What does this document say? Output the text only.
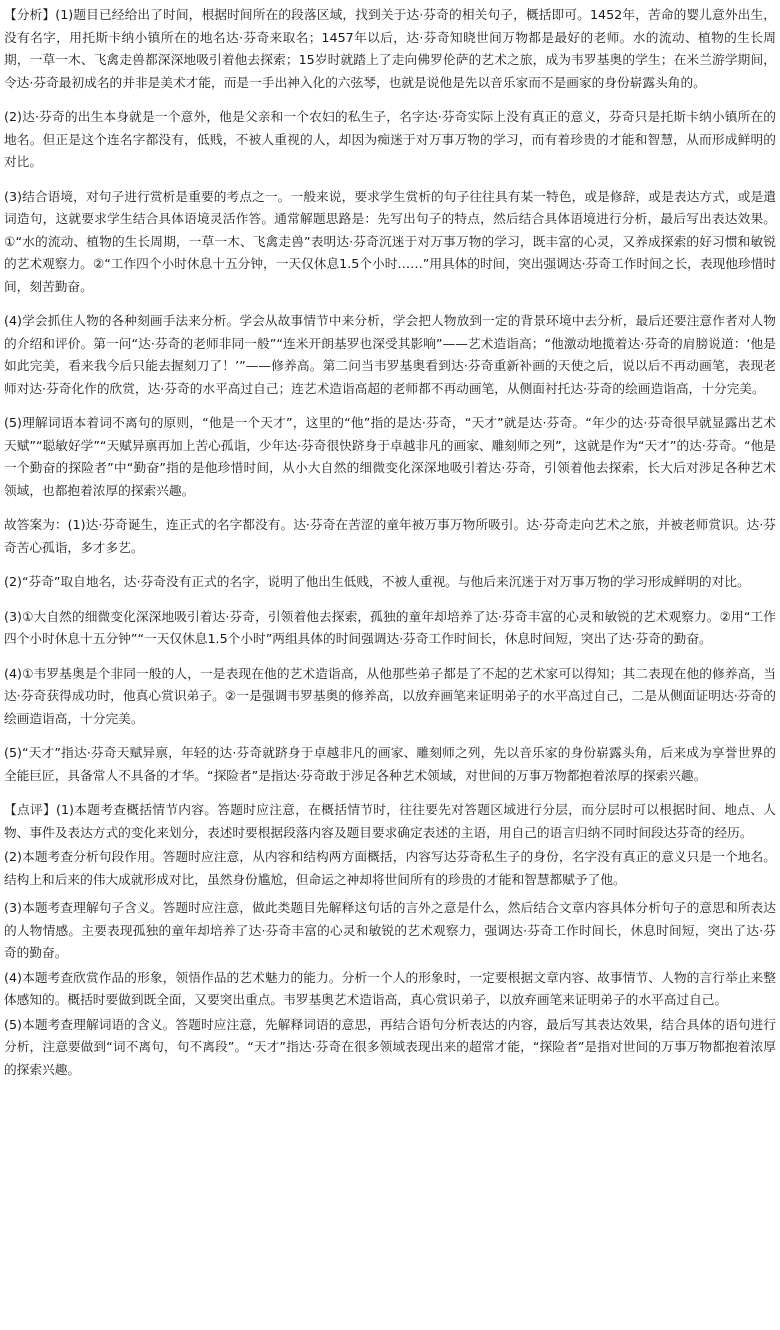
【分析】(1)题目已经给出了时间，根据时间所在的段落区域，找到关于达·芬奇的相关句子，概括即可。1452年，苦命的婴儿意外出生，没有名字，用托斯卡纳小镇所在的地名达·芬奇来取名；1457年以后，达·芬奇知晓世间万物都是最好的老师。水的流动、植物的生长周期，一草一木、飞禽走兽都深深地吸引着他去探索；15岁时就踏上了走向佛罗伦萨的艺术之旅，成为韦罗基奥的学生；在米兰游学期间，令达·芬奇最初成名的并非是美术才能，而是一手出神入化的六弦琴，也就是说他是先以音乐家而不是画家的身份崭露头角的。

(2)达·芬奇的出生本身就是一个意外，他是父亲和一个农妇的私生子，名字达·芬奇实际上没有真正的意义，芬奇只是托斯卡纳小镇所在的地名。但正是这个连名字都没有，低贱，不被人重视的人，却因为痴迷于对万事万物的学习，而有着珍贵的才能和智慧，从而形成鲜明的对比。

(3)结合语境，对句子进行赏析是重要的考点之一。一般来说，要求学生赏析的句子往往具有某一特色，或是修辞，或是表达方式，或是遣词造句，这就要求学生结合具体语境灵活作答。通常解题思路是：先写出句子的特点，然后结合具体语境进行分析，最后写出表达效果。①“水的流动、植物的生长周期，一草一木、飞禽走兽”表明达·芬奇沉迷于对万事万物的学习，既丰富的心灵，又养成探索的好习惯和敏锐的艺术观察力。②“工作四个小时休息十五分钟，一天仅休息1.5个小时……”用具体的时间，突出强调达·芬奇工作时间之长，表现他珍惜时间，刻苦勤奋。

(4)学会抓住人物的各种刻画手法来分析。学会从故事情节中来分析，学会把人物放到一定的背景环境中去分析，最后还要注意作者对人物的介绍和评价。第一问“达·芬奇的老师非同一般”“连米开朗基罗也深受其影响”——艺术造诣高；“他激动地揽着达·芬奇的肩膀说道：‘他是如此完美，看来我今后只能去握刻刀了！’”——修养高。第二问当韦罗基奥看到达·芬奇重新补画的天使之后，说以后不再动画笔，表现老师对达·芬奇化作的欣赏，达·芬奇的水平高过自己；连艺术造诣高超的老师都不再动画笔，从侧面衬托达·芬奇的绘画造诣高，十分完美。

(5)理解词语本着词不离句的原则，“他是一个天才”，这里的“他”指的是达·芬奇，“天才”就是达·芬奇。“年少的达·芬奇很早就显露出艺术天赋”“聪敏好学”“天赋异禀再加上苦心孤诣，少年达·芬奇很快跻身于卓越非凡的画家、雕刻师之列”，这就是作为“天才”的达·芬奇。“他是一个勤奋的探险者”中“勤奋”指的是他珍惜时间，从小大自然的细微变化深深地吸引着达·芬奇，引领着他去探索，长大后对涉足各种艺术领域，也都抱着浓厚的探索兴趣。

故答案为：(1)达·芬奇诞生，连正式的名字都没有。达·芬奇在苦涩的童年被万事万物所吸引。达·芬奇走向艺术之旅，并被老师赏识。达·芬奇苦心孤诣，多才多艺。

(2)“芬奇”取自地名，达·芬奇没有正式的名字，说明了他出生低贱，不被人重视。与他后来沉迷于对万事万物的学习形成鲜明的对比。

(3)①大自然的细微变化深深地吸引着达·芬奇，引领着他去探索，孤独的童年却培养了达·芬奇丰富的心灵和敏锐的艺术观察力。②用“工作四个小时休息十五分钟”“一天仅休息1.5个小时”两组具体的时间强调达·芬奇工作时间长，休息时间短，突出了达·芬奇的勤奋。

(4)①韦罗基奥是个非同一般的人，一是表现在他的艺术造诣高，从他那些弟子都是了不起的艺术家可以得知；其二表现在他的修养高，当达·芬奇获得成功时，他真心赏识弟子。②一是强调韦罗基奥的修养高，以放弃画笔来证明弟子的水平高过自己，二是从侧面证明达·芬奇的绘画造诣高，十分完美。

(5)“天才”指达·芬奇天赋异禀，年轻的达·芬奇就跻身于卓越非凡的画家、雕刻师之列，先以音乐家的身份崭露头角，后来成为享誉世界的全能巨匠，具备常人不具备的才华。“探险者”是指达·芬奇敢于涉足各种艺术领域，对世间的万事万物都抱着浓厚的探索兴趣。

【点评】(1)本题考查概括情节内容。答题时应注意，在概括情节时，往往要先对答题区域进行分层，而分层时可以根据时间、地点、人物、事件及表达方式的变化来划分，表述时要根据段落内容及题目要求确定表述的主语，用自己的语言归纳不同时间段达芬奇的经历。

(2)本题考查分析句段作用。答题时应注意，从内容和结构两方面概括，内容写达芬奇私生子的身份，名字没有真正的意义只是一个地名。结构上和后来的伟大成就形成对比，虽然身份尴尬，但命运之神却将世间所有的珍贵的才能和智慧都赋予了他。

(3)本题考查理解句子含义。答题时应注意，做此类题目先解释这句话的言外之意是什么，然后结合文章内容具体分析句子的意思和所表达的人物情感。主要表现孤独的童年却培养了达·芬奇丰富的心灵和敏锐的艺术观察力，强调达·芬奇工作时间长，休息时间短，突出了达·芬奇的勤奋。

(4)本题考查欣赏作品的形象，领悟作品的艺术魅力的能力。分析一个人的形象时，一定要根据文章内容、故事情节、人物的言行举止来整体感知的。概括时要做到既全面，又要突出重点。韦罗基奥艺术造诣高，真心赏识弟子，以放弃画笔来证明弟子的水平高过自己。

(5)本题考查理解词语的含义。答题时应注意，先解释词语的意思，再结合语句分析表达的内容，最后写其表达效果，结合具体的语句进行分析，注意要做到“词不离句，句不离段”。“天才”指达·芬奇在很多领域表现出来的超常才能，“探险者”是指对世间的万事万物都抱着浓厚的探索兴趣。
